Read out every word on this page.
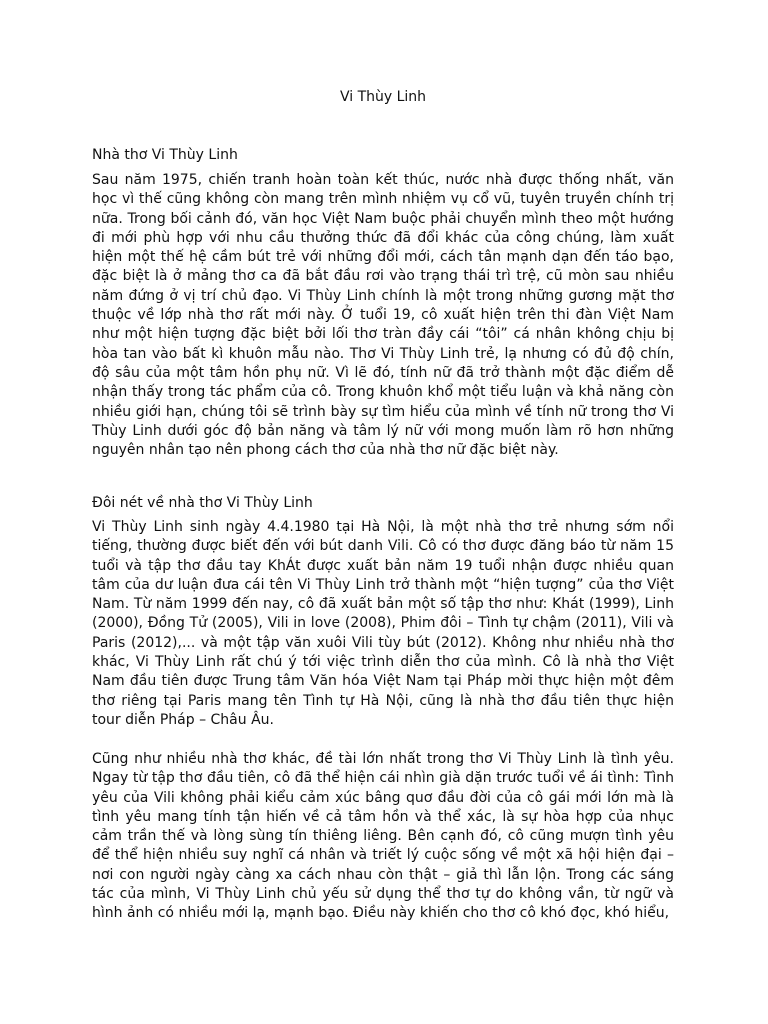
Vi Thùy Linh

Nhà thơ Vi Thùy Linh

Sau năm 1975, chiến tranh hoàn toàn kết thúc, nước nhà được thống nhất, văn học vì thế cũng không còn mang trên mình nhiệm vụ cổ vũ, tuyên truyền chính trị nữa. Trong bối cảnh đó, văn học Việt Nam buộc phải chuyển mình theo một hướng đi mới phù hợp với nhu cầu thưởng thức đã đổi khác của công chúng, làm xuất hiện một thế hệ cầm bút trẻ với những đổi mới, cách tân mạnh dạn đến táo bạo, đặc biệt là ở mảng thơ ca đã bắt đầu rơi vào trạng thái trì trệ, cũ mòn sau nhiều năm đứng ở vị trí chủ đạo. Vi Thùy Linh chính là một trong những gương mặt thơ thuộc về lớp nhà thơ rất mới này. Ở tuổi 19, cô xuất hiện trên thi đàn Việt Nam như một hiện tượng đặc biệt bởi lối thơ tràn đầy cái “tôi” cá nhân không chịu bị hòa tan vào bất kì khuôn mẫu nào. Thơ Vi Thùy Linh trẻ, lạ nhưng có đủ độ chín, độ sâu của một tâm hồn phụ nữ. Vì lẽ đó, tính nữ đã trở thành một đặc điểm dễ nhận thấy trong tác phẩm của cô. Trong khuôn khổ một tiểu luận và khả năng còn nhiều giới hạn, chúng tôi sẽ trình bày sự tìm hiểu của mình về tính nữ trong thơ Vi Thùy Linh dưới góc độ bản năng và tâm lý nữ với mong muốn làm rõ hơn những nguyên nhân tạo nên phong cách thơ của nhà thơ nữ đặc biệt này.

Đôi nét về nhà thơ Vi Thùy Linh

Vi Thùy Linh sinh ngày 4.4.1980 tại Hà Nội, là một nhà thơ trẻ nhưng sớm nổi tiếng, thường được biết đến với bút danh Vili. Cô có thơ được đăng báo từ năm 15 tuổi và tập thơ đầu tay KhÁt được xuất bản năm 19 tuổi nhận được nhiều quan tâm của dư luận đưa cái tên Vi Thùy Linh trở thành một “hiện tượng” của thơ Việt Nam. Từ năm 1999 đến nay, cô đã xuất bản một số tập thơ như: Khát (1999), Linh (2000), Đồng Tử (2005), Vili in love (2008), Phim đôi – Tình tự chậm (2011), Vili và Paris (2012),... và một tập văn xuôi Vili tùy bút (2012). Không như nhiều nhà thơ khác, Vi Thùy Linh rất chú ý tới việc trình diễn thơ của mình. Cô là nhà thơ Việt Nam đầu tiên được Trung tâm Văn hóa Việt Nam tại Pháp mời thực hiện một đêm thơ riêng tại Paris mang tên Tình tự Hà Nội, cũng là nhà thơ đầu tiên thực hiện tour diễn Pháp – Châu Âu.

Cũng như nhiều nhà thơ khác, đề tài lớn nhất trong thơ Vi Thùy Linh là tình yêu. Ngay từ tập thơ đầu tiên, cô đã thể hiện cái nhìn già dặn trước tuổi về ái tình: Tình yêu của Vili không phải kiểu cảm xúc bâng quơ đầu đời của cô gái mới lớn mà là tình yêu mang tính tận hiến về cả tâm hồn và thể xác, là sự hòa hợp của nhục cảm trần thế và lòng sùng tín thiêng liêng. Bên cạnh đó, cô cũng mượn tình yêu để thể hiện nhiều suy nghĩ cá nhân và triết lý cuộc sống về một xã hội hiện đại – nơi con người ngày càng xa cách nhau còn thật – giả thì lẫn lộn. Trong các sáng tác của mình, Vi Thùy Linh chủ yếu sử dụng thể thơ tự do không vần, từ ngữ và hình ảnh có nhiều mới lạ, mạnh bạo. Điều này khiến cho thơ cô khó đọc, khó hiểu,
